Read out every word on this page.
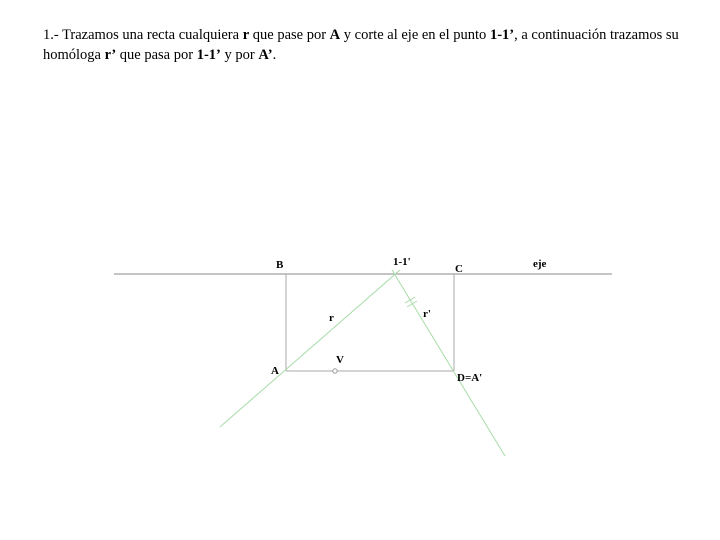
1.- Trazamos una recta cualquiera r que pase por A y corte al eje en el punto 1-1’, a continuación trazamos su homóloga r’ que pasa por 1-1’ y por A’.

B	1-1'
C	eje
r	r'
V
A
D=A'
